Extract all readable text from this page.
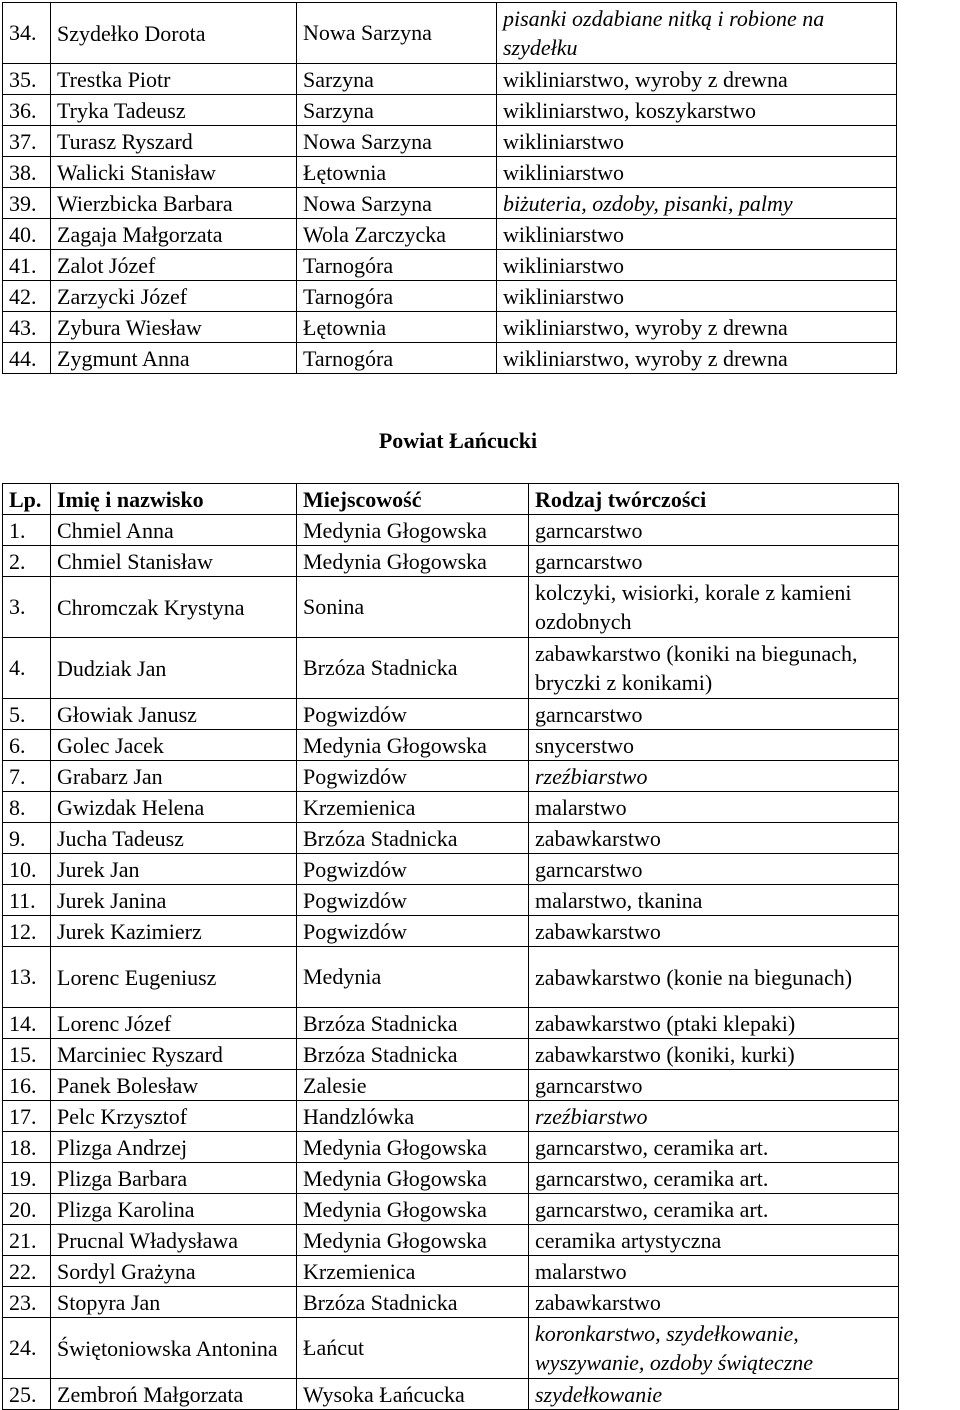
34.	Szydełko Dorota	Nowa Sarzyna	pisanki ozdabiane nitką i robione na szydełku
35.	Trestka Piotr	Sarzyna	wikliniarstwo, wyroby z drewna
36.	Tryka Tadeusz	Sarzyna	wikliniarstwo, koszykarstwo
37.	Turasz Ryszard	Nowa Sarzyna	wikliniarstwo
38.	Walicki Stanisław	Łętownia	wikliniarstwo
39.	Wierzbicka Barbara	Nowa Sarzyna	biżuteria, ozdoby, pisanki, palmy
40.	Zagaja Małgorzata	Wola Zarczycka	wikliniarstwo
41.	Zalot Józef	Tarnogóra	wikliniarstwo
42.	Zarzycki Józef	Tarnogóra	wikliniarstwo
43.	Zybura Wiesław	Łętownia	wikliniarstwo, wyroby z drewna
44.	Zygmunt Anna	Tarnogóra	wikliniarstwo, wyroby z drewna
Powiat Łańcucki
Lp.	Imię i nazwisko	Miejscowość	Rodzaj twórczości
1.	Chmiel Anna	Medynia Głogowska	garncarstwo
2.	Chmiel Stanisław	Medynia Głogowska	garncarstwo
3.	Chromczak Krystyna	Sonina	kolczyki, wisiorki, korale z kamieni ozdobnych
4.	Dudziak Jan	Brzóza Stadnicka	zabawkarstwo (koniki na biegunach, bryczki z konikami)
5.	Głowiak Janusz	Pogwizdów	garncarstwo
6.	Golec Jacek	Medynia Głogowska	snycerstwo
7.	Grabarz Jan	Pogwizdów	rzeźbiarstwo
8.	Gwizdak Helena	Krzemienica	malarstwo
9.	Jucha Tadeusz	Brzóza Stadnicka	zabawkarstwo
10.	Jurek Jan	Pogwizdów	garncarstwo
11.	Jurek Janina	Pogwizdów	malarstwo, tkanina
12.	Jurek Kazimierz	Pogwizdów	zabawkarstwo
13.	Lorenc Eugeniusz	Medynia	zabawkarstwo (konie na biegunach)
14.	Lorenc Józef	Brzóza Stadnicka	zabawkarstwo (ptaki klepaki)
15.	Marciniec Ryszard	Brzóza Stadnicka	zabawkarstwo (koniki, kurki)
16.	Panek Bolesław	Zalesie	garncarstwo
17.	Pelc Krzysztof	Handzlówka	rzeźbiarstwo
18.	Plizga Andrzej	Medynia Głogowska	garncarstwo, ceramika art.
19.	Plizga Barbara	Medynia Głogowska	garncarstwo, ceramika art.
20.	Plizga Karolina	Medynia Głogowska	garncarstwo, ceramika art.
21.	Prucnal Władysława	Medynia Głogowska	ceramika artystyczna
22.	Sordyl Grażyna	Krzemienica	malarstwo
23.	Stopyra Jan	Brzóza Stadnicka	zabawkarstwo
24.	Świętoniowska Antonina	Łańcut	koronkarstwo, szydełkowanie, wyszywanie, ozdoby świąteczne
25.	Zembroń Małgorzata	Wysoka Łańcucka	szydełkowanie
